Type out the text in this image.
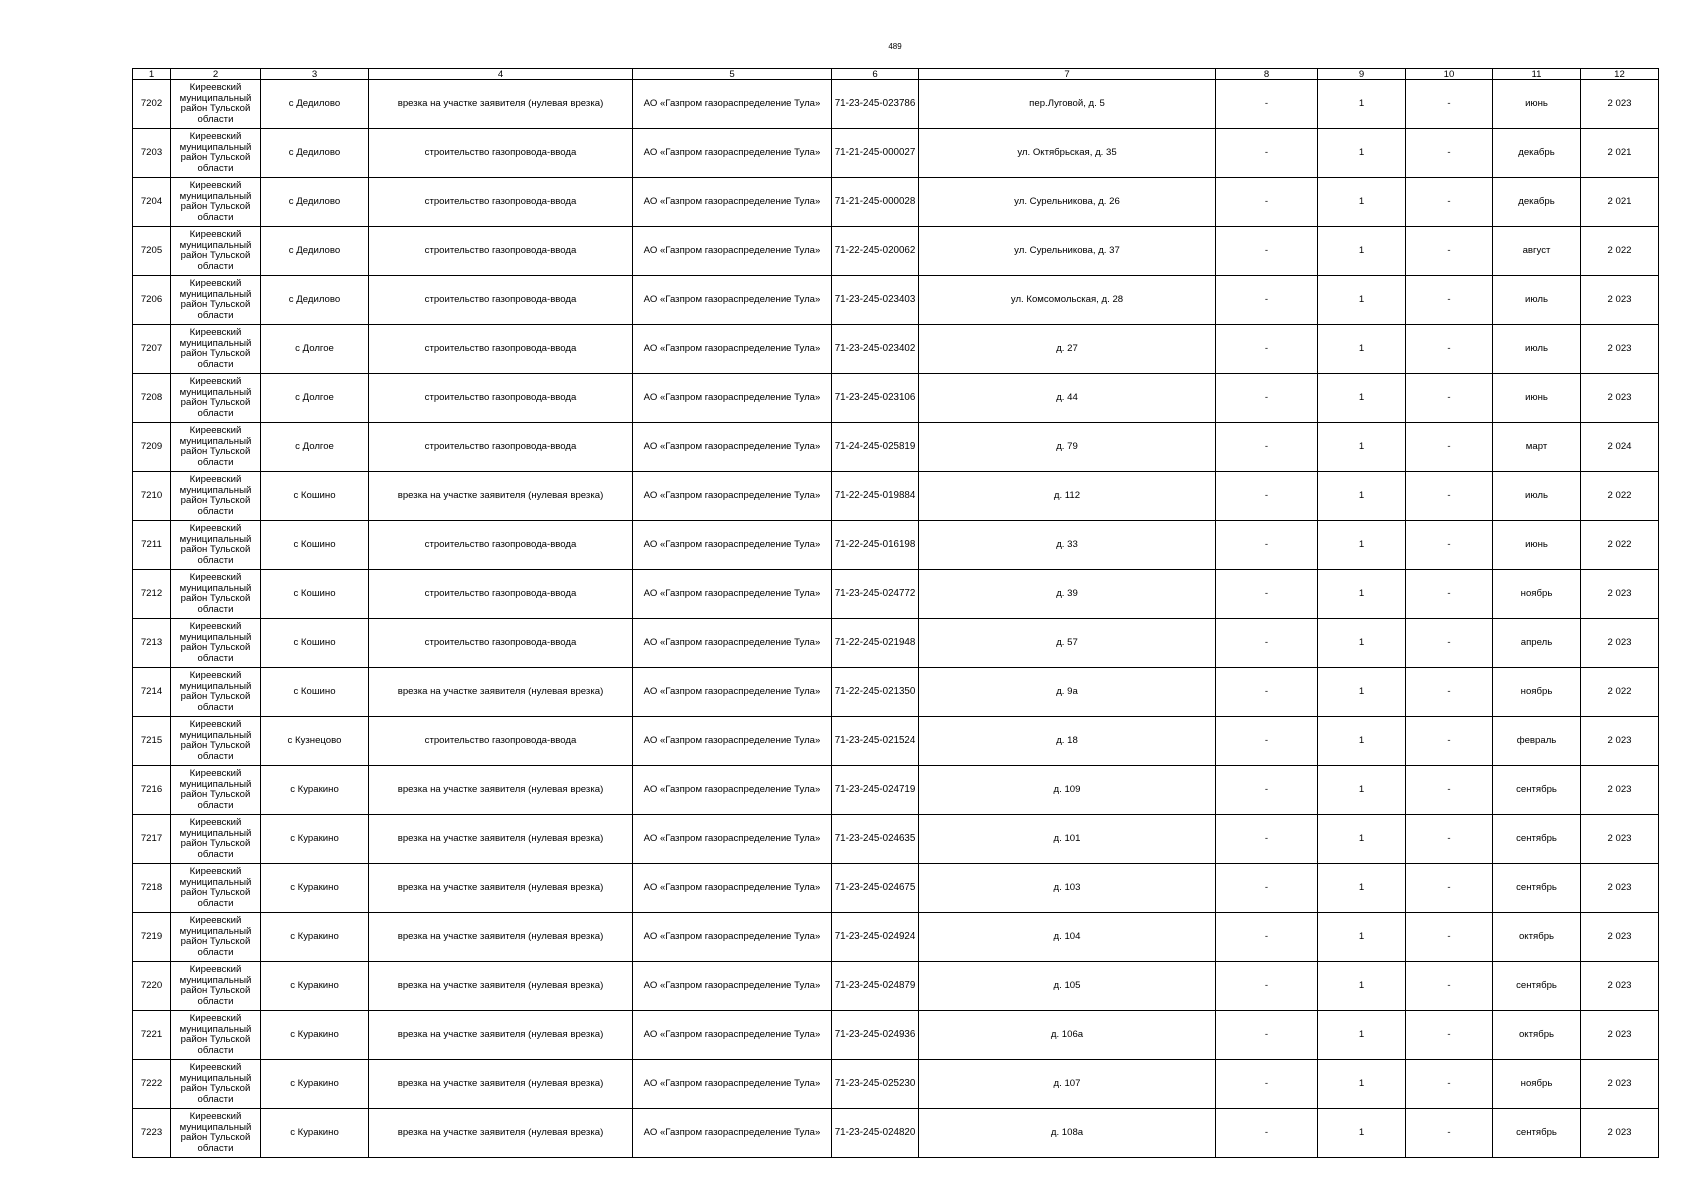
489
1	2	3	4	5	6	7	8	9	10	11	12
7202	Киреевский муниципальный район Тульской области	с Дедилово	врезка на участке заявителя (нулевая врезка)	АО «Газпром газораспределение Тула»	71-23-245-023786	пер.Луговой, д. 5	-	1	-	июнь	2 023
7203	Киреевский муниципальный район Тульской области	с Дедилово	строительство газопровода-ввода	АО «Газпром газораспределение Тула»	71-21-245-000027	ул. Октябрьская, д. 35	-	1	-	декабрь	2 021
7204	Киреевский муниципальный район Тульской области	с Дедилово	строительство газопровода-ввода	АО «Газпром газораспределение Тула»	71-21-245-000028	ул. Сурельникова, д. 26	-	1	-	декабрь	2 021
7205	Киреевский муниципальный район Тульской области	с Дедилово	строительство газопровода-ввода	АО «Газпром газораспределение Тула»	71-22-245-020062	ул. Сурельникова, д. 37	-	1	-	август	2 022
7206	Киреевский муниципальный район Тульской области	с Дедилово	строительство газопровода-ввода	АО «Газпром газораспределение Тула»	71-23-245-023403	ул. Комсомольская, д. 28	-	1	-	июль	2 023
7207	Киреевский муниципальный район Тульской области	с Долгое	строительство газопровода-ввода	АО «Газпром газораспределение Тула»	71-23-245-023402	д. 27	-	1	-	июль	2 023
7208	Киреевский муниципальный район Тульской области	с Долгое	строительство газопровода-ввода	АО «Газпром газораспределение Тула»	71-23-245-023106	д. 44	-	1	-	июнь	2 023
7209	Киреевский муниципальный район Тульской области	с Долгое	строительство газопровода-ввода	АО «Газпром газораспределение Тула»	71-24-245-025819	д. 79	-	1	-	март	2 024
7210	Киреевский муниципальный район Тульской области	с Кошино	врезка на участке заявителя (нулевая врезка)	АО «Газпром газораспределение Тула»	71-22-245-019884	д. 112	-	1	-	июль	2 022
7211	Киреевский муниципальный район Тульской области	с Кошино	строительство газопровода-ввода	АО «Газпром газораспределение Тула»	71-22-245-016198	д. 33	-	1	-	июнь	2 022
7212	Киреевский муниципальный район Тульской области	с Кошино	строительство газопровода-ввода	АО «Газпром газораспределение Тула»	71-23-245-024772	д. 39	-	1	-	ноябрь	2 023
7213	Киреевский муниципальный район Тульской области	с Кошино	строительство газопровода-ввода	АО «Газпром газораспределение Тула»	71-22-245-021948	д. 57	-	1	-	апрель	2 023
7214	Киреевский муниципальный район Тульской области	с Кошино	врезка на участке заявителя (нулевая врезка)	АО «Газпром газораспределение Тула»	71-22-245-021350	д. 9а	-	1	-	ноябрь	2 022
7215	Киреевский муниципальный район Тульской области	с Кузнецово	строительство газопровода-ввода	АО «Газпром газораспределение Тула»	71-23-245-021524	д. 18	-	1	-	февраль	2 023
7216	Киреевский муниципальный район Тульской области	с Куракино	врезка на участке заявителя (нулевая врезка)	АО «Газпром газораспределение Тула»	71-23-245-024719	д. 109	-	1	-	сентябрь	2 023
7217	Киреевский муниципальный район Тульской области	с Куракино	врезка на участке заявителя (нулевая врезка)	АО «Газпром газораспределение Тула»	71-23-245-024635	д. 101	-	1	-	сентябрь	2 023
7218	Киреевский муниципальный район Тульской области	с Куракино	врезка на участке заявителя (нулевая врезка)	АО «Газпром газораспределение Тула»	71-23-245-024675	д. 103	-	1	-	сентябрь	2 023
7219	Киреевский муниципальный район Тульской области	с Куракино	врезка на участке заявителя (нулевая врезка)	АО «Газпром газораспределение Тула»	71-23-245-024924	д. 104	-	1	-	октябрь	2 023
7220	Киреевский муниципальный район Тульской области	с Куракино	врезка на участке заявителя (нулевая врезка)	АО «Газпром газораспределение Тула»	71-23-245-024879	д. 105	-	1	-	сентябрь	2 023
7221	Киреевский муниципальный район Тульской области	с Куракино	врезка на участке заявителя (нулевая врезка)	АО «Газпром газораспределение Тула»	71-23-245-024936	д. 106а	-	1	-	октябрь	2 023
7222	Киреевский муниципальный район Тульской области	с Куракино	врезка на участке заявителя (нулевая врезка)	АО «Газпром газораспределение Тула»	71-23-245-025230	д. 107	-	1	-	ноябрь	2 023
7223	Киреевский муниципальный район Тульской области	с Куракино	врезка на участке заявителя (нулевая врезка)	АО «Газпром газораспределение Тула»	71-23-245-024820	д. 108а	-	1	-	сентябрь	2 023
